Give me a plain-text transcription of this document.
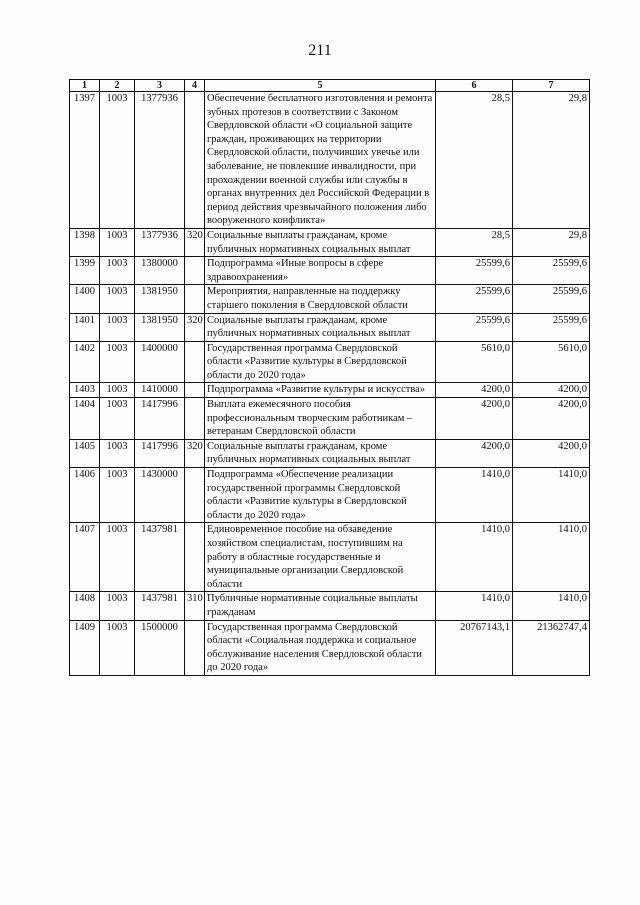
211
1	2	3	4	5	6	7
1397	1003	1377936		Обеспечение бесплатного изготовления и ремонта зубных протезов в соответствии с Законом Свердловской области «О социальной защите граждан, проживающих на территории Свердловской области, получивших увечье или заболевание, не повлекшие инвалидности, при прохождении военной службы или службы в органах внутренних дел Российской Федерации в период действия чрезвычайного положения либо вооруженного конфликта»	28,5	29,8
1398	1003	1377936	320	Социальные выплаты гражданам, кроме публичных нормативных социальных выплат	28,5	29,8
1399	1003	1380000		Подпрограмма «Иные вопросы в сфере здравоохранения»	25599,6	25599,6
1400	1003	1381950		Мероприятия, направленные на поддержку старшего поколения в Свердловской области	25599,6	25599,6
1401	1003	1381950	320	Социальные выплаты гражданам, кроме публичных нормативных социальных выплат	25599,6	25599,6
1402	1003	1400000		Государственная программа Свердловской области «Развитие культуры в Свердловской области до 2020 года»	5610,0	5610,0
1403	1003	1410000		Подпрограмма «Развитие культуры и искусства»	4200,0	4200,0
1404	1003	1417996		Выплата ежемесячного пособия профессиональным творческим работникам – ветеранам Свердловской области	4200,0	4200,0
1405	1003	1417996	320	Социальные выплаты гражданам, кроме публичных нормативных социальных выплат	4200,0	4200,0
1406	1003	1430000		Подпрограмма «Обеспечение реализации государственной программы Свердловской области «Развитие культуры в Свердловской области до 2020 года»	1410,0	1410,0
1407	1003	1437981		Единовременное пособие на обзаведение хозяйством специалистам, поступившим на работу в областные государственные и муниципальные организации Свердловской области	1410,0	1410,0
1408	1003	1437981	310	Публичные нормативные социальные выплаты гражданам	1410,0	1410,0
1409	1003	1500000		Государственная программа Свердловской области «Социальная поддержка и социальное обслуживание населения Свердловской области до 2020 года»	20767143,1	21362747,4
